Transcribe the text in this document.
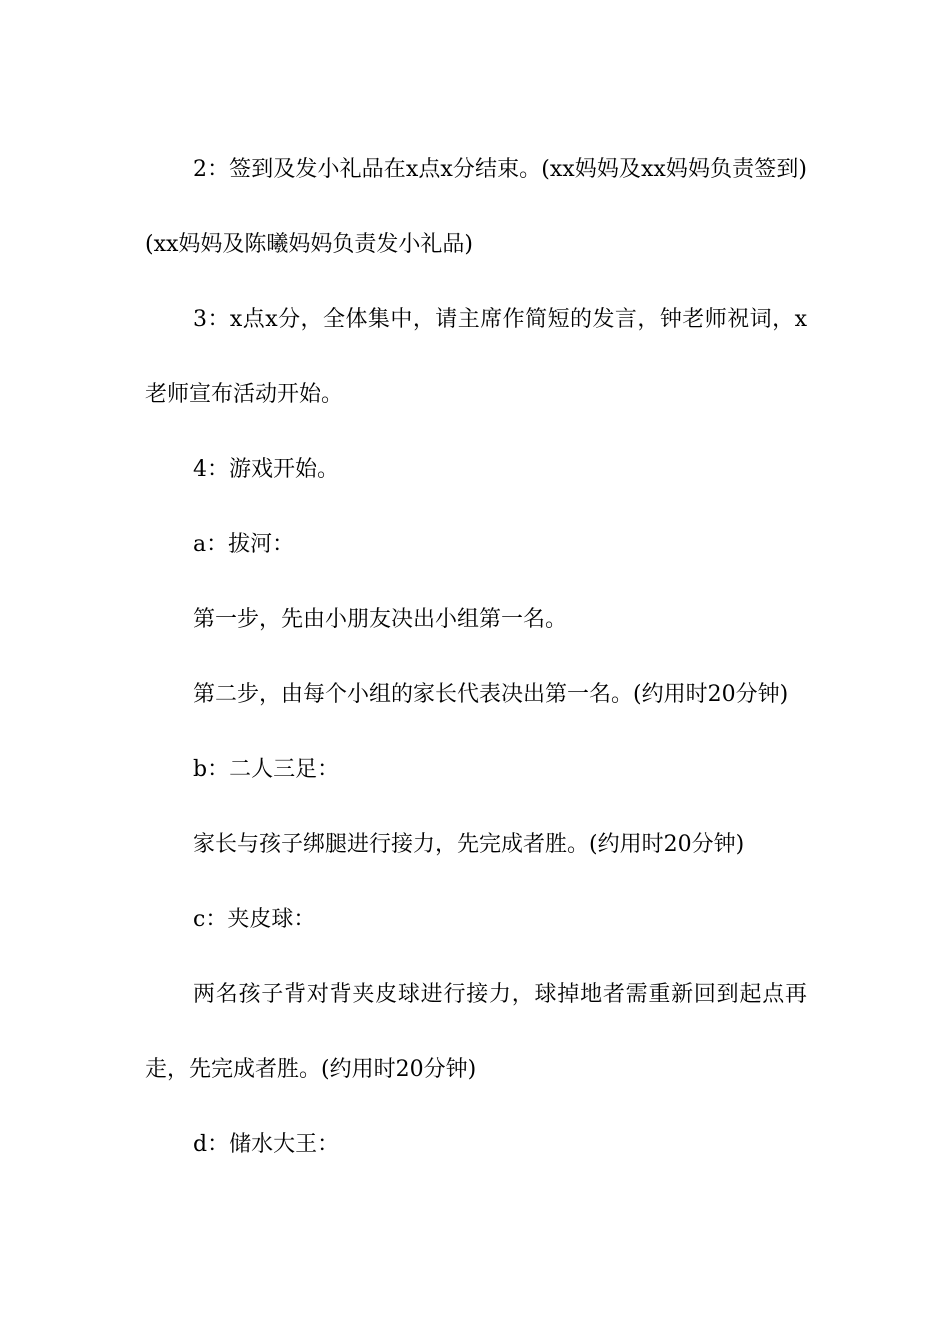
2：签到及发小礼品在x点x分结束。(xx妈妈及xx妈妈负责签到)(xx妈妈及陈曦妈妈负责发小礼品)

3：x点x分，全体集中，请主席作简短的发言，钟老师祝词，x老师宣布活动开始。

4：游戏开始。

a：拔河：

第一步，先由小朋友决出小组第一名。

第二步，由每个小组的家长代表决出第一名。(约用时20分钟)

b：二人三足：

家长与孩子绑腿进行接力，先完成者胜。(约用时20分钟)

c：夹皮球：

两名孩子背对背夹皮球进行接力，球掉地者需重新回到起点再走，先完成者胜。(约用时20分钟)

d：储水大王：
